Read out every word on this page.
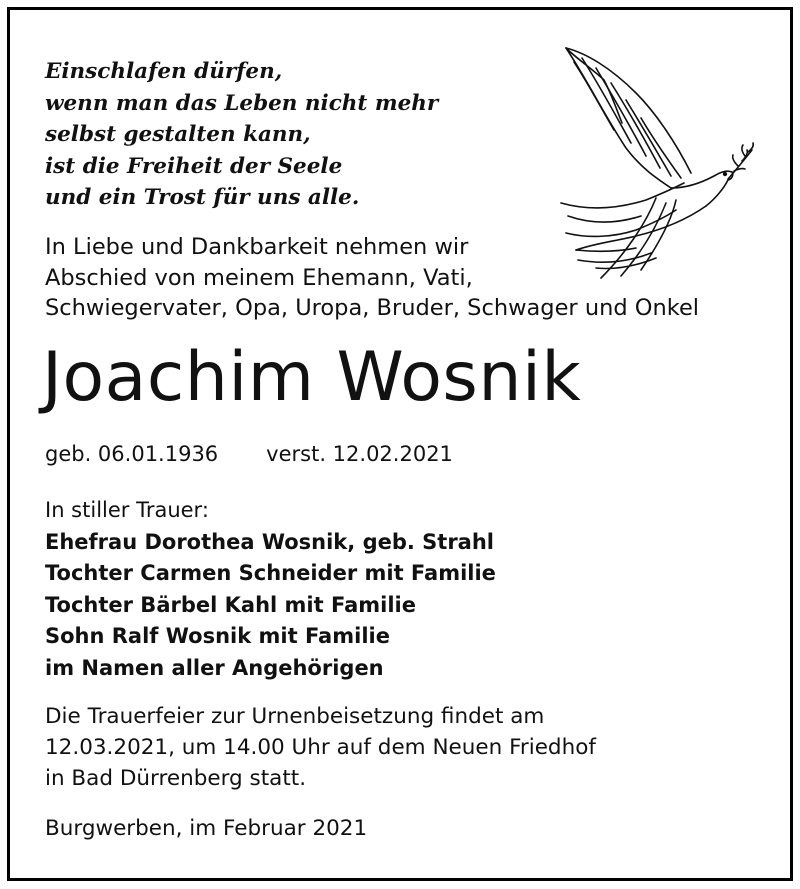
Einschlafen dürfen,
wenn man das Leben nicht mehr
selbst gestalten kann,
ist die Freiheit der Seele
und ein Trost für uns alle.
In Liebe und Dankbarkeit nehmen wir
Abschied von meinem Ehemann, Vati,
Schwiegervater, Opa, Uropa, Bruder, Schwager und Onkel
Joachim Wosnik
geb. 06.01.1936 verst. 12.02.2021
In stiller Trauer:
Ehefrau Dorothea Wosnik, geb. Strahl
Tochter Carmen Schneider mit Familie
Tochter Bärbel Kahl mit Familie
Sohn Ralf Wosnik mit Familie
im Namen aller Angehörigen
Die Trauerfeier zur Urnenbeisetzung findet am
12.03.2021, um 14.00 Uhr auf dem Neuen Friedhof
in Bad Dürrenberg statt.
Burgwerben, im Februar 2021
